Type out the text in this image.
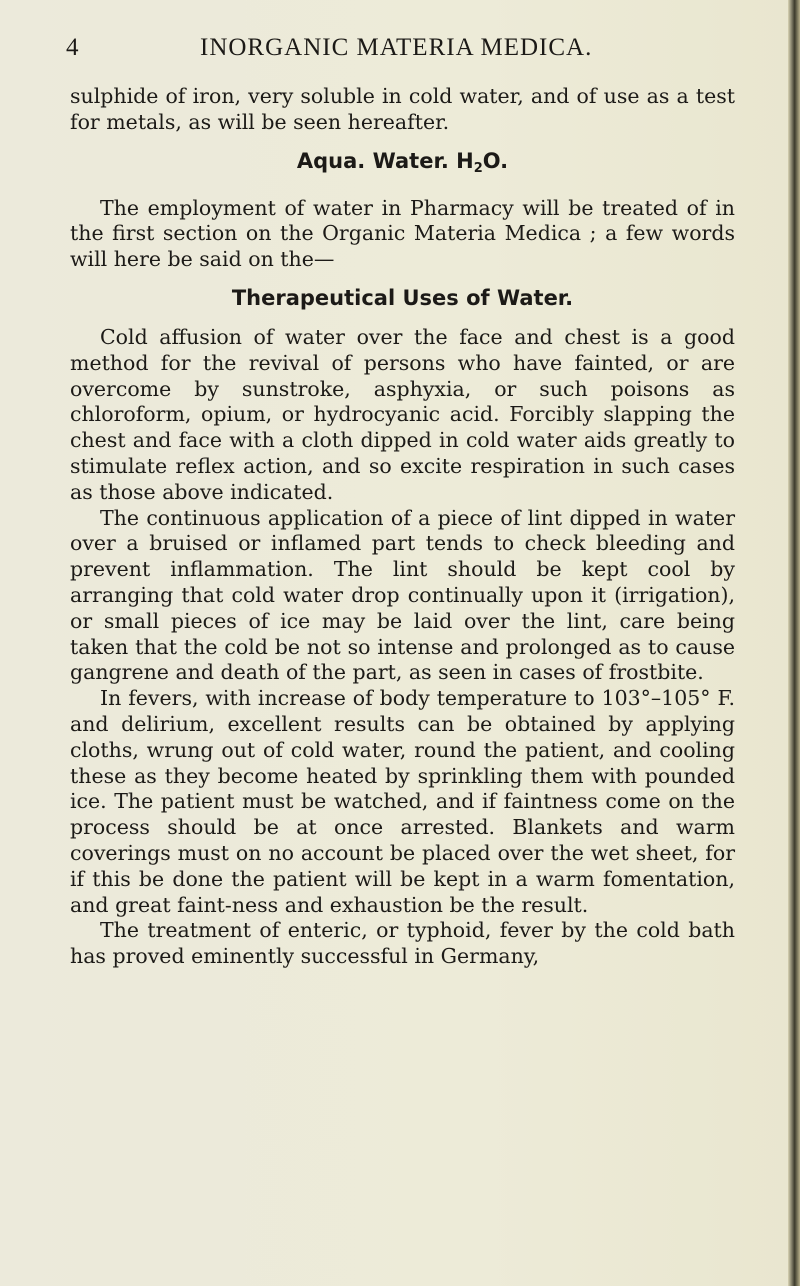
4	INORGANIC MATERIA MEDICA.

sulphide of iron, very soluble in cold water, and of use as a test for metals, as will be seen hereafter.

Aqua. Water. $H_2O$.

The employment of water in Pharmacy will be treated of in the first section on the Organic Materia Medica ; a few words will here be said on the—

Therapeutical Uses of Water.

Cold affusion of water over the face and chest is a good method for the revival of persons who have fainted, or are overcome by sunstroke, asphyxia, or such poisons as chloroform, opium, or hydrocyanic acid. Forcibly slapping the chest and face with a cloth dipped in cold water aids greatly to stimulate reflex action, and so excite respiration in such cases as those above indicated.

The continuous application of a piece of lint dipped in water over a bruised or inflamed part tends to check bleeding and prevent inflammation. The lint should be kept cool by arranging that cold water drop continually upon it (irrigation), or small pieces of ice may be laid over the lint, care being taken that the cold be not so intense and prolonged as to cause gangrene and death of the part, as seen in cases of frostbite.

In fevers, with increase of body temperature to 103°–105° F. and delirium, excellent results can be obtained by applying cloths, wrung out of cold water, round the patient, and cooling these as they become heated by sprinkling them with pounded ice. The patient must be watched, and if faintness come on the process should be at once arrested. Blankets and warm coverings must on no account be placed over the wet sheet, for if this be done the patient will be kept in a warm fomentation, and great faint-ness and exhaustion be the result.

The treatment of enteric, or typhoid, fever by the cold bath has proved eminently successful in Germany,
